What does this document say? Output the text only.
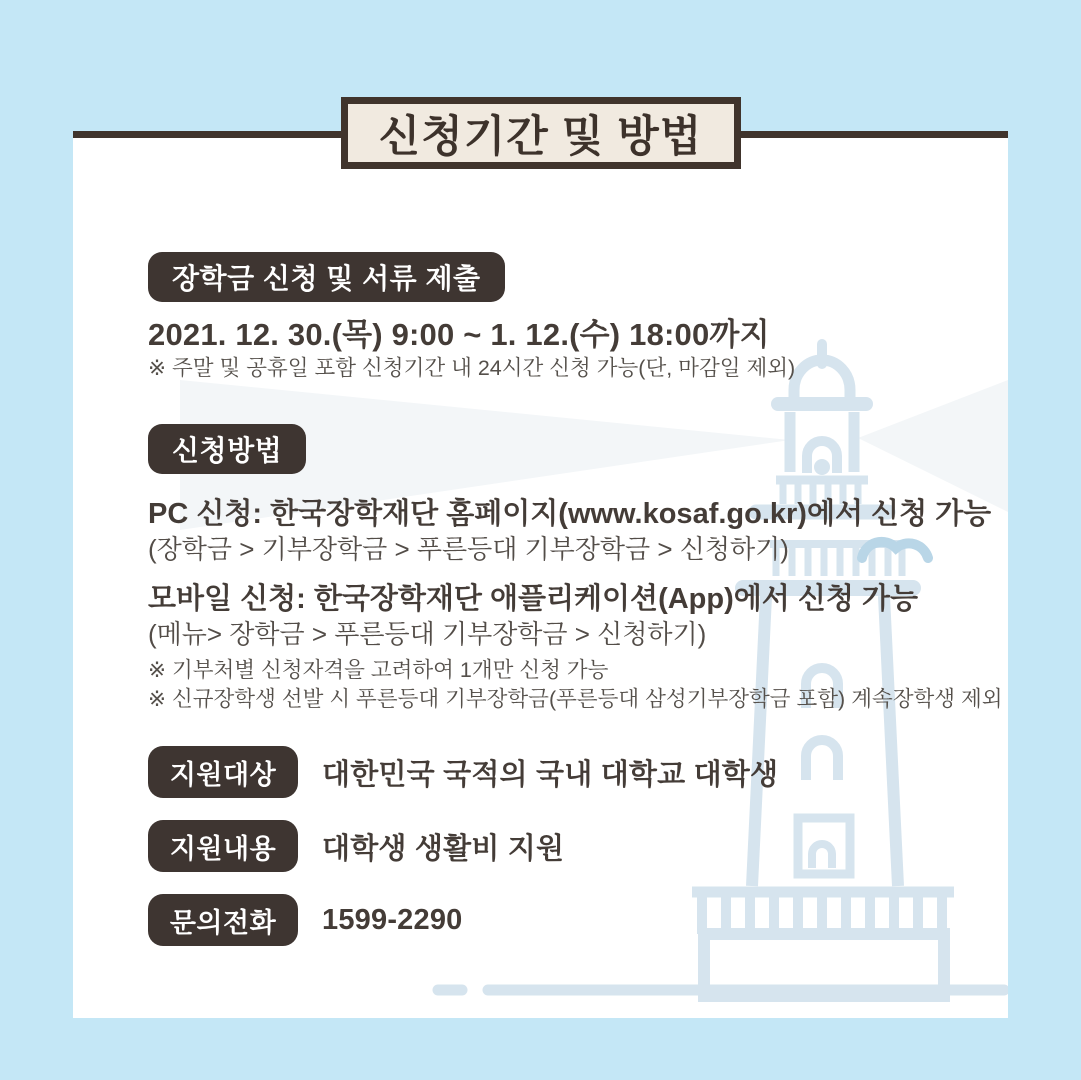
장학금 신청 및 서류 제출
2021. 12. 30.(목) 9:00 ~ 1. 12.(수) 18:00까지
※ 주말 및 공휴일 포함 신청기간 내 24시간 신청 가능(단, 마감일 제외)
신청방법
PC 신청: 한국장학재단 홈페이지(www.kosaf.go.kr)에서 신청 가능
(장학금 > 기부장학금 > 푸른등대 기부장학금 > 신청하기)
모바일 신청: 한국장학재단 애플리케이션(App)에서 신청 가능
(메뉴> 장학금 > 푸른등대 기부장학금 > 신청하기)
※ 기부처별 신청자격을 고려하여 1개만 신청 가능
※ 신규장학생 선발 시 푸른등대 기부장학금(푸른등대 삼성기부장학금 포함) 계속장학생 제외
지원대상 대한민국 국적의 국내 대학교 대학생
지원내용 대학생 생활비 지원
문의전화 1599-2290
신청기간 및 방법
